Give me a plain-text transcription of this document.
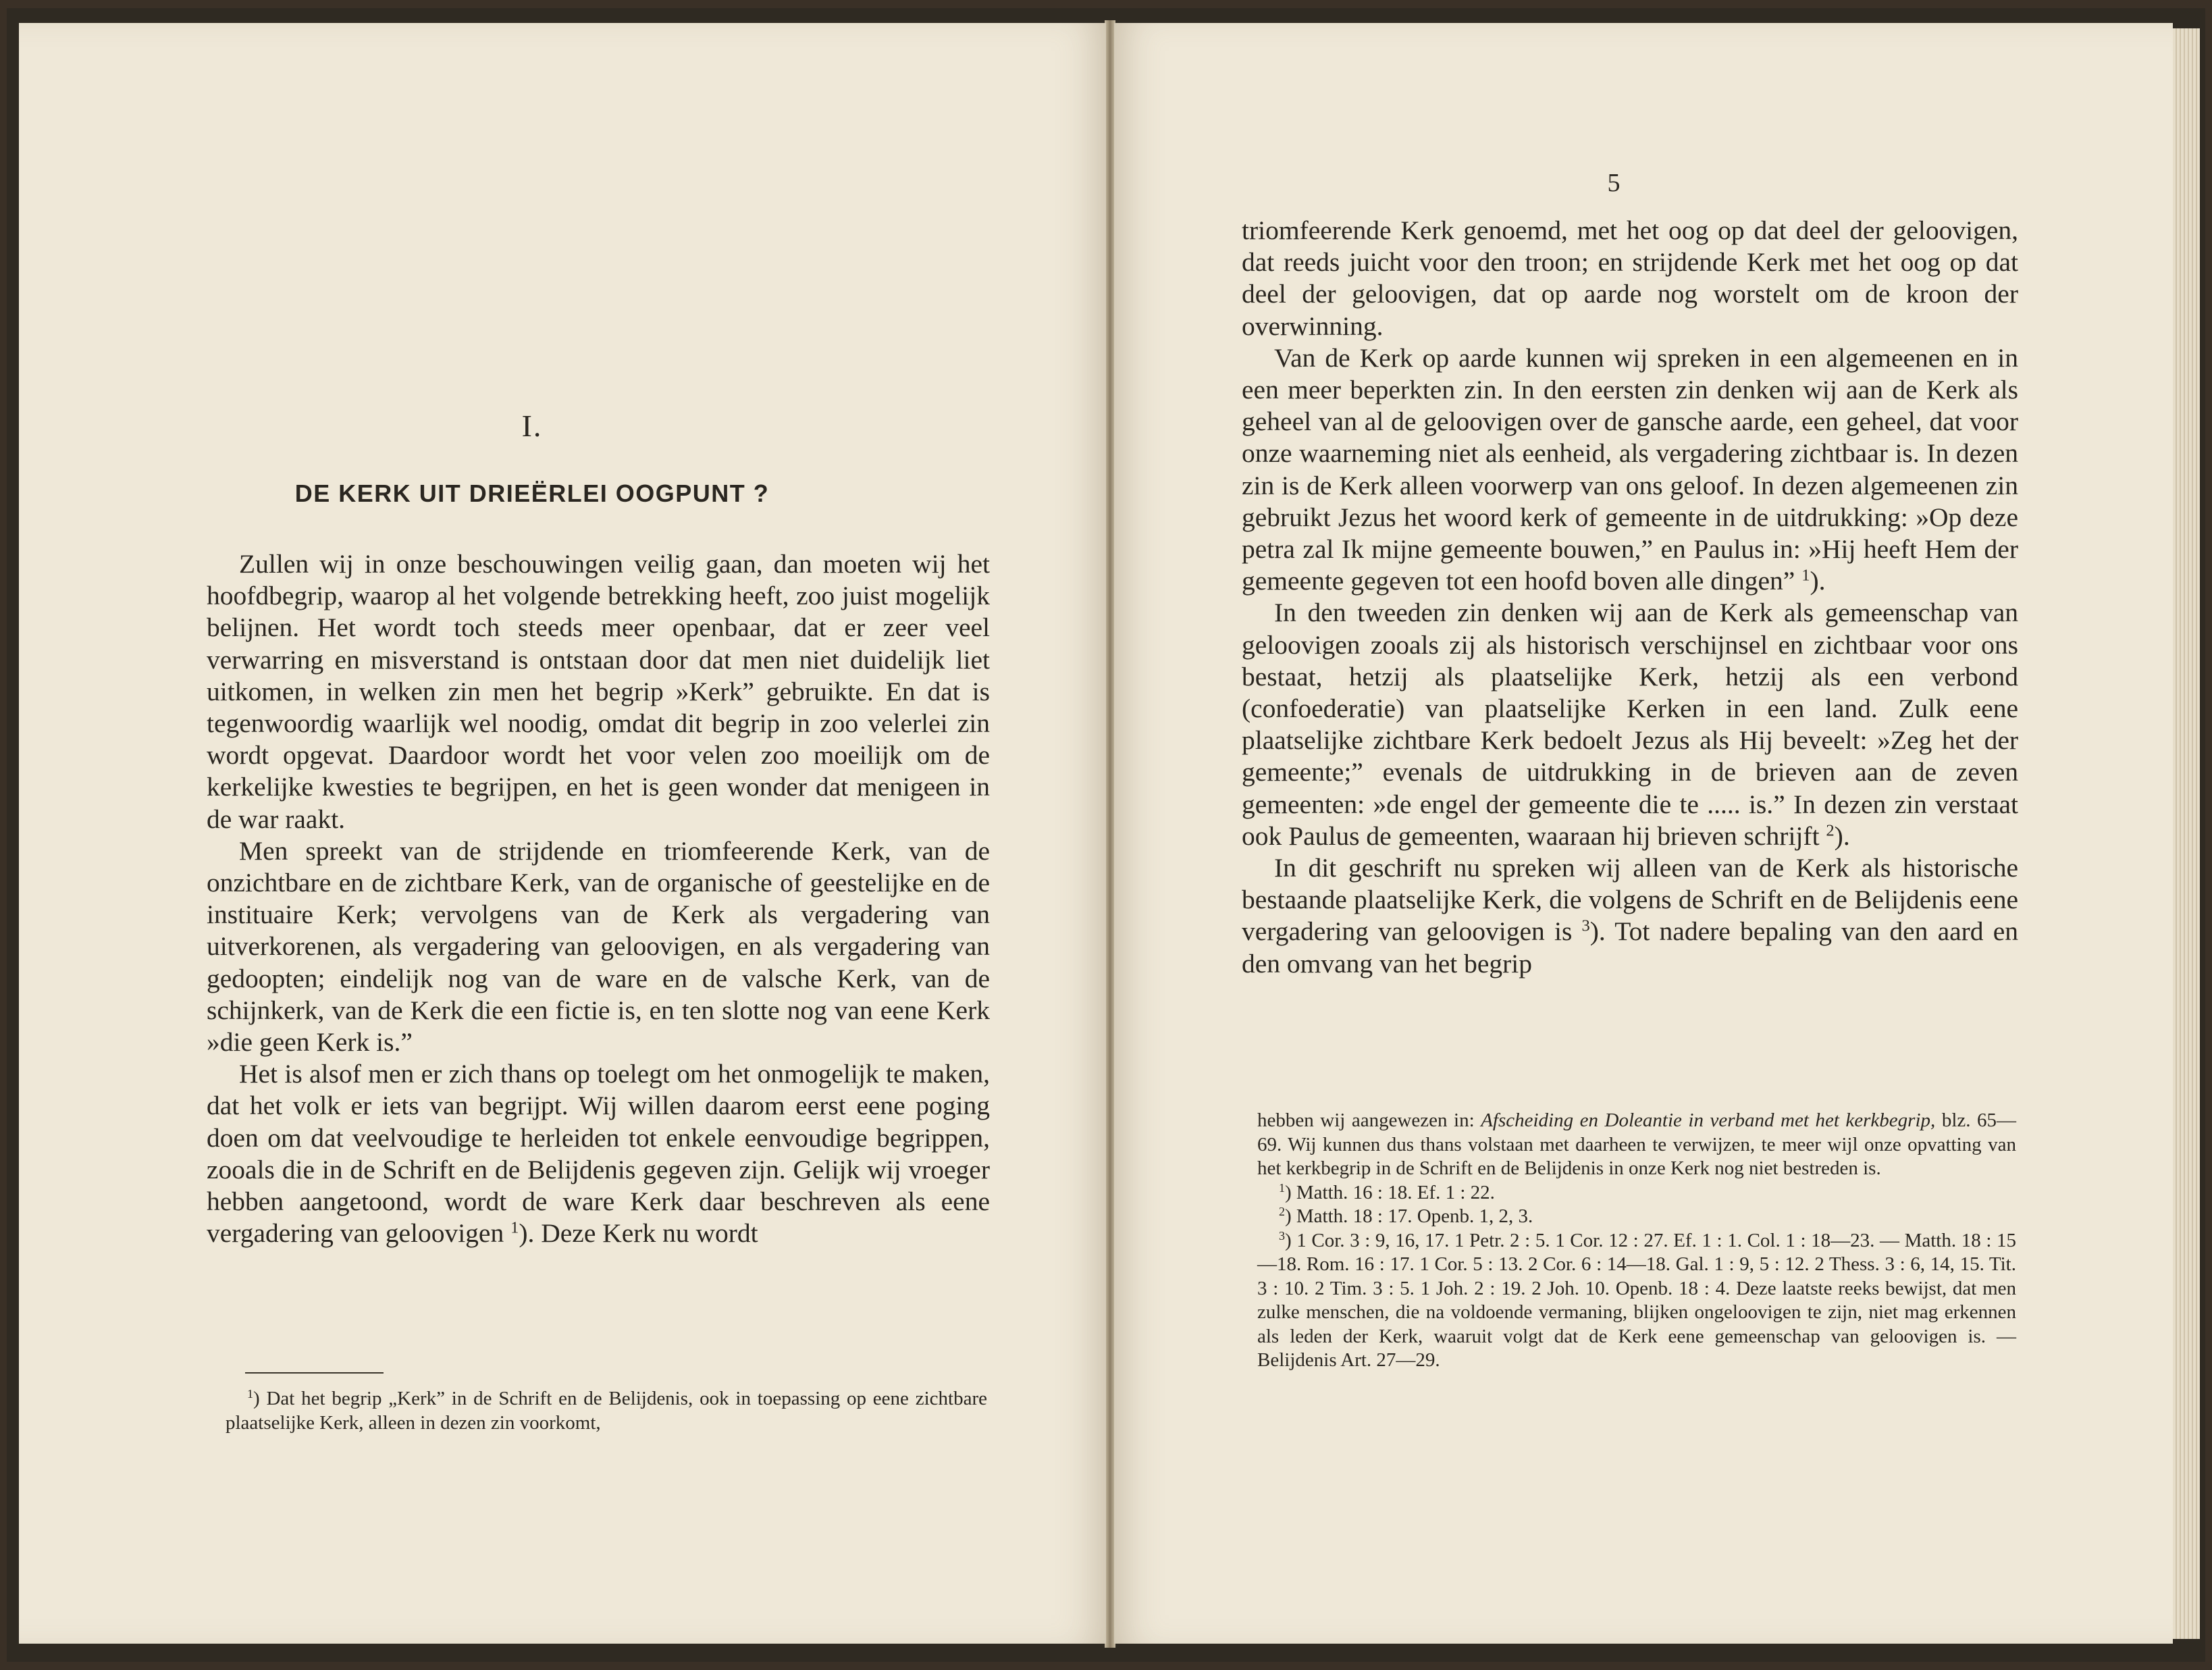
I.
DE KERK UIT DRIEËRLEI OOGPUNT ?

Zullen wij in onze beschouwingen veilig gaan, dan moeten wij het hoofdbegrip, waarop al het volgende betrekking heeft, zoo juist mogelijk belijnen. Het wordt toch steeds meer openbaar, dat er zeer veel verwarring en misverstand is ontstaan door dat men niet duidelijk liet uitkomen, in welken zin men het begrip »Kerk” gebruikte. En dat is tegenwoordig waarlijk wel noodig, omdat dit begrip in zoo velerlei zin wordt opgevat. Daardoor wordt het voor velen zoo moeilijk om de kerkelijke kwesties te begrijpen, en het is geen wonder dat menigeen in de war raakt.

Men spreekt van de strijdende en triomfeerende Kerk, van de onzichtbare en de zichtbare Kerk, van de organische of geestelijke en de instituaire Kerk; vervolgens van de Kerk als vergadering van uitverkorenen, als vergadering van geloovigen, en als vergadering van gedoopten; eindelijk nog van de ware en de valsche Kerk, van de schijnkerk, van de Kerk die een fictie is, en ten slotte nog van eene Kerk »die geen Kerk is.”

Het is alsof men er zich thans op toelegt om het onmogelijk te maken, dat het volk er iets van begrijpt. Wij willen daarom eerst eene poging doen om dat veelvoudige te herleiden tot enkele eenvoudige begrippen, zooals die in de Schrift en de Belijdenis gegeven zijn. Gelijk wij vroeger hebben aangetoond, wordt de ware Kerk daar beschreven als eene vergadering van geloovigen $^1$). Deze Kerk nu wordt

$^1$) Dat het begrip „Kerk” in de Schrift en de Belijdenis, ook in toepassing op eene zichtbare plaatselijke Kerk, alleen in dezen zin voorkomt,

5

triomfeerende Kerk genoemd, met het oog op dat deel der geloovigen, dat reeds juicht voor den troon; en strijdende Kerk met het oog op dat deel der geloovigen, dat op aarde nog worstelt om de kroon der overwinning.

Van de Kerk op aarde kunnen wij spreken in een algemeenen en in een meer beperkten zin. In den eersten zin denken wij aan de Kerk als geheel van al de geloovigen over de gansche aarde, een geheel, dat voor onze waarneming niet als eenheid, als vergadering zichtbaar is. In dezen zin is de Kerk alleen voorwerp van ons geloof. In dezen algemeenen zin gebruikt Jezus het woord kerk of gemeente in de uitdrukking: »Op deze petra zal Ik mijne gemeente bouwen,” en Paulus in: »Hij heeft Hem der gemeente gegeven tot een hoofd boven alle dingen” $^1$).

In den tweeden zin denken wij aan de Kerk als gemeenschap van geloovigen zooals zij als historisch verschijnsel en zichtbaar voor ons bestaat, hetzij als plaatselijke Kerk, hetzij als een verbond (confoederatie) van plaatselijke Kerken in een land. Zulk eene plaatselijke zichtbare Kerk bedoelt Jezus als Hij beveelt: »Zeg het der gemeente;” evenals de uitdrukking in de brieven aan de zeven gemeenten: »de engel der gemeente die te ..... is.” In dezen zin verstaat ook Paulus de gemeenten, waaraan hij brieven schrijft $^2$).

In dit geschrift nu spreken wij alleen van de Kerk als historische bestaande plaatselijke Kerk, die volgens de Schrift en de Belijdenis eene vergadering van geloovigen is $^3$). Tot nadere bepaling van den aard en den omvang van het begrip

hebben wij aangewezen in: Afscheiding en Doleantie in verband met het kerkbegrip, blz. 65—69. Wij kunnen dus thans volstaan met daarheen te verwijzen, te meer wijl onze opvatting van het kerkbegrip in de Schrift en de Belijdenis in onze Kerk nog niet bestreden is.

$^1$) Matth. 16 : 18. Ef. 1 : 22.

$^2$) Matth. 18 : 17. Openb. 1, 2, 3.

$^3$) 1 Cor. 3 : 9, 16, 17. 1 Petr. 2 : 5. 1 Cor. 12 : 27. Ef. 1 : 1. Col. 1 : 18—23. — Matth. 18 : 15—18. Rom. 16 : 17. 1 Cor. 5 : 13. 2 Cor. 6 : 14—18. Gal. 1 : 9, 5 : 12. 2 Thess. 3 : 6, 14, 15. Tit. 3 : 10. 2 Tim. 3 : 5. 1 Joh. 2 : 19. 2 Joh. 10. Openb. 18 : 4. Deze laatste reeks bewijst, dat men zulke menschen, die na voldoende vermaning, blijken ongeloovigen te zijn, niet mag erkennen als leden der Kerk, waaruit volgt dat de Kerk eene gemeenschap van geloovigen is. — Belijdenis Art. 27—29.
